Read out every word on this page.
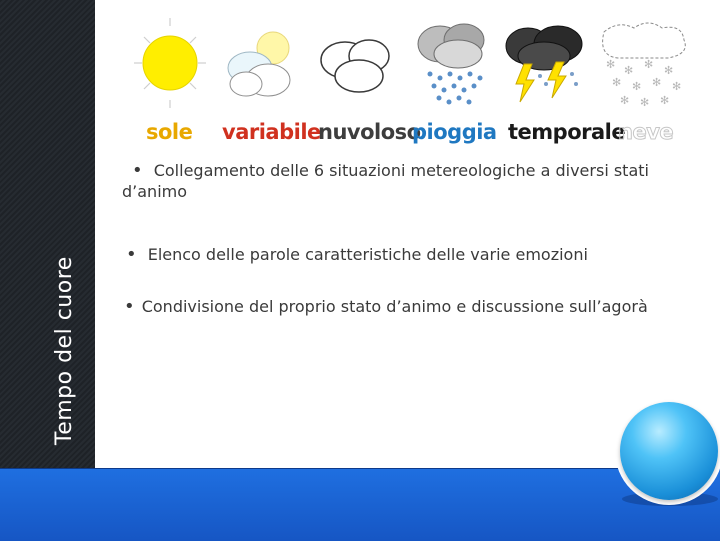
Tempo del cuore
✻ ✻ ✻ ✻
✻ ✻ ✻ ✻
✻ ✻ ✻
sole variabile
nuvoloso
pioggia temporale
neve
• Collegamento delle 6 situazioni metereologiche a diversi stati d’animo
• Elenco delle parole caratteristiche delle varie emozioni
• Condivisione del proprio stato d’animo e discussione sull’agorà
